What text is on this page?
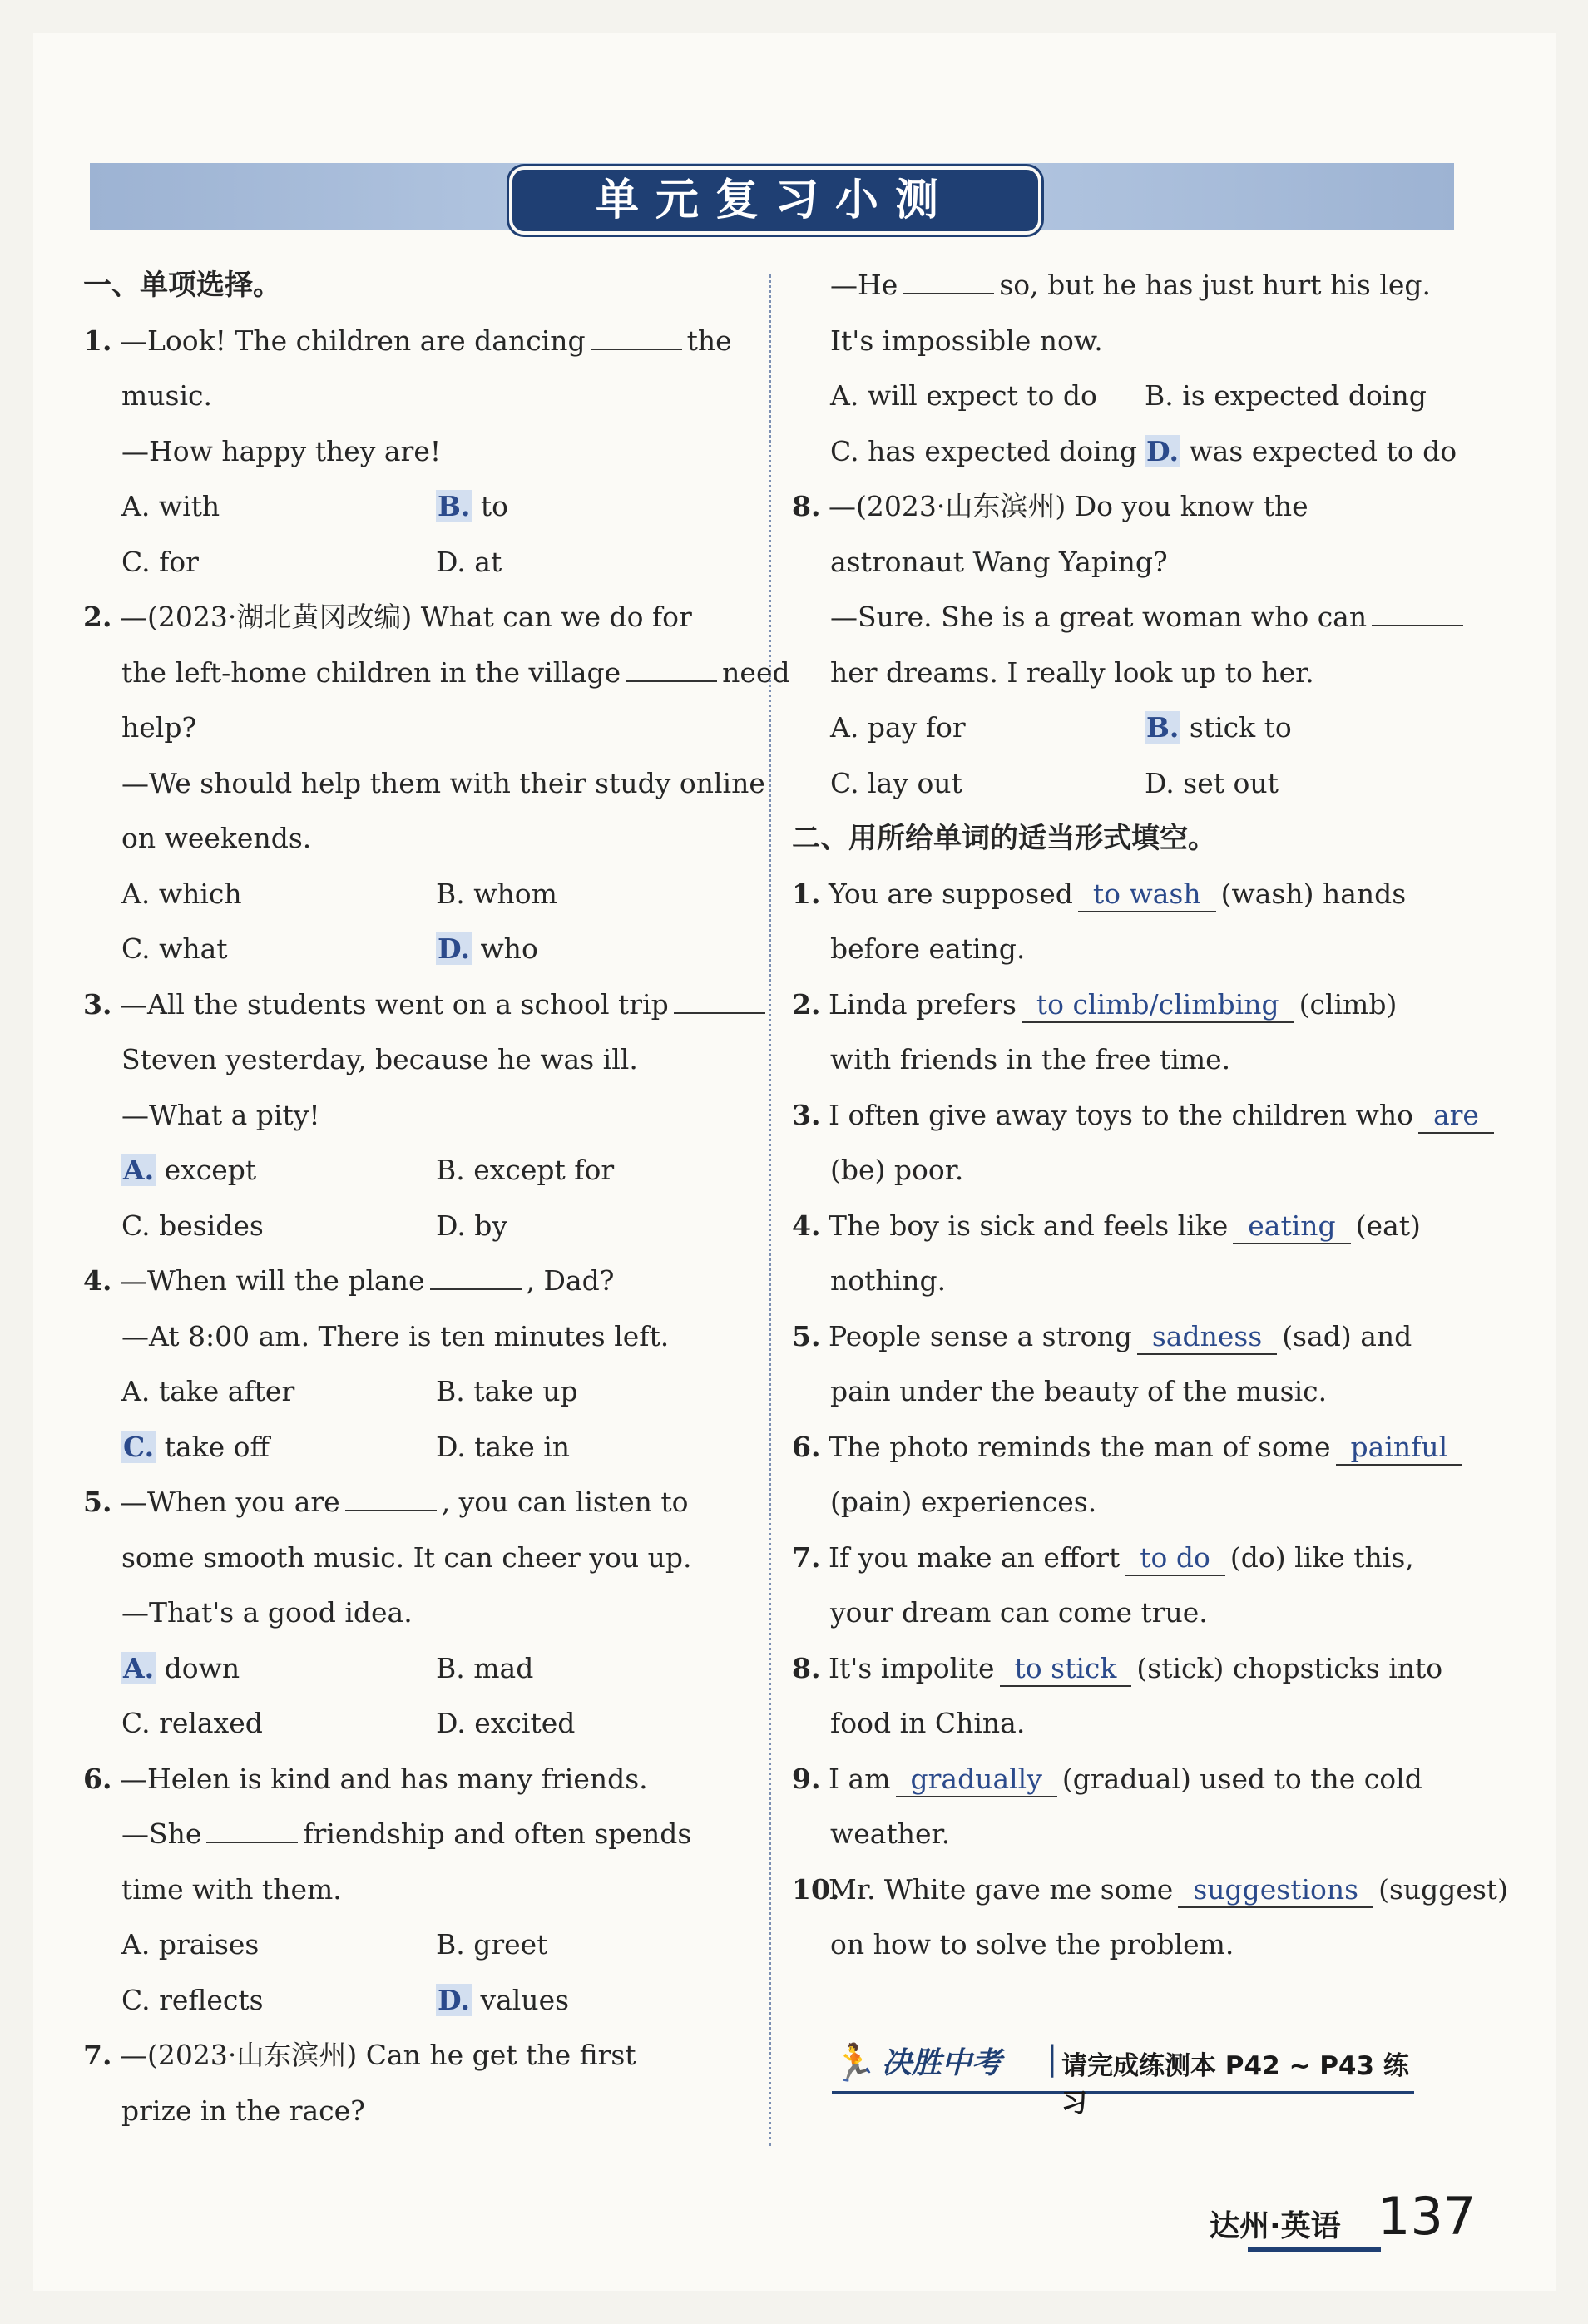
单元复习小测
一、单项选择。
1. —Look! The children are dancing	the
music.
—How happy they are!
A. with	B. to
C. for	D. at
2. —(2023·湖北黄冈改编) What can we do for
the left-home children in the village	need
help?
—We should help them with their study online
on weekends.
A. which	B. whom
C. what	D. who
3. —All the students went on a school trip
Steven yesterday, because he was ill.
—What a pity!
A. except	B. except for
C. besides	D. by
4. —When will the plane	, Dad?
—At 8:00 am. There is ten minutes left.
A. take after	B. take up
C. take off	D. take in
5. —When you are	, you can listen to
some smooth music. It can cheer you up.
—That's a good idea.
A. down	B. mad
C. relaxed	D. excited
6. —Helen is kind and has many friends.
—She	friendship and often spends
time with them.
A. praises	B. greet
C. reflects	D. values
7. —(2023·山东滨州) Can he get the first
prize in the race?
—He	so, but he has just hurt his leg.
It's impossible now.
A. will expect to do B. is expected doing
C. has expected doing D. was expected to do
8. —(2023·山东滨州) Do you know the
astronaut Wang Yaping?
—Sure. She is a great woman who can
her dreams. I really look up to her.
A. pay for	B. stick to
C. lay out	D. set out
二、用所给单词的适当形式填空。
1. You are supposed to wash (wash) hands
before eating.
2. Linda prefers to climb/climbing (climb)
with friends in the free time.
3. I often give away toys to the children who are
(be) poor.
4. The boy is sick and feels like eating (eat)
nothing.
5. People sense a strong sadness (sad) and
pain under the beauty of the music.
6. The photo reminds the man of some painful
(pain) experiences.
7. If you make an effort to do (do) like this,
your dream can come true.
8. It's impolite to stick (stick) chopsticks into
food in China.
9. I am gradually (gradual) used to the cold
weather.
10.Mr. White gave me some suggestions (suggest)
on how to solve the problem.
🏃 决胜中考 | 请完成练测本 P42 ~ P43 练习
达州·英语 137
